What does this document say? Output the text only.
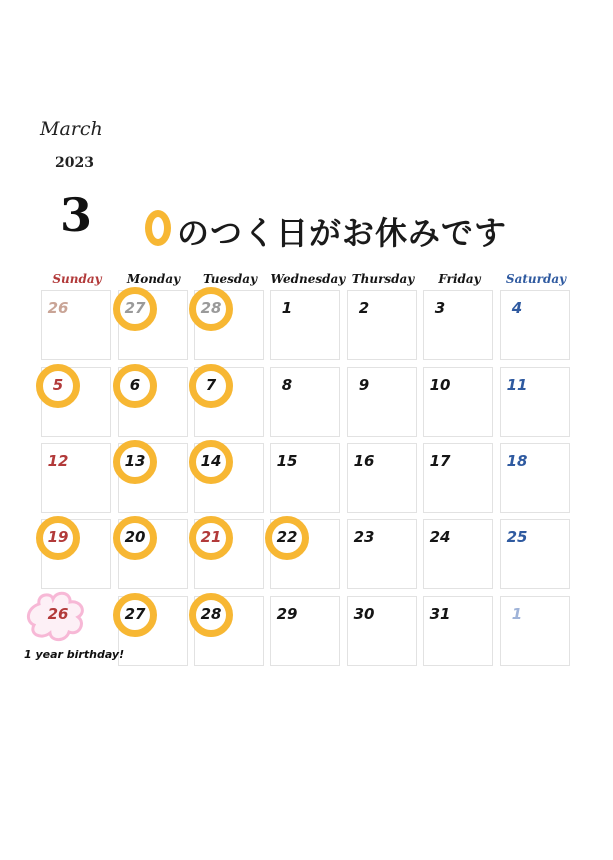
March
2023
3	のつく日がお休みです
Sunday	Monday	Tuesday	Wednesday Thursday	Friday	Saturday
26	27	28	1	2	3	4
5	6	7	8	9	10	11
12	13	14	15	16	17	18
19	20	21	22	23	24	25
26	27	28	29	30	31	1
1 year birthday!
